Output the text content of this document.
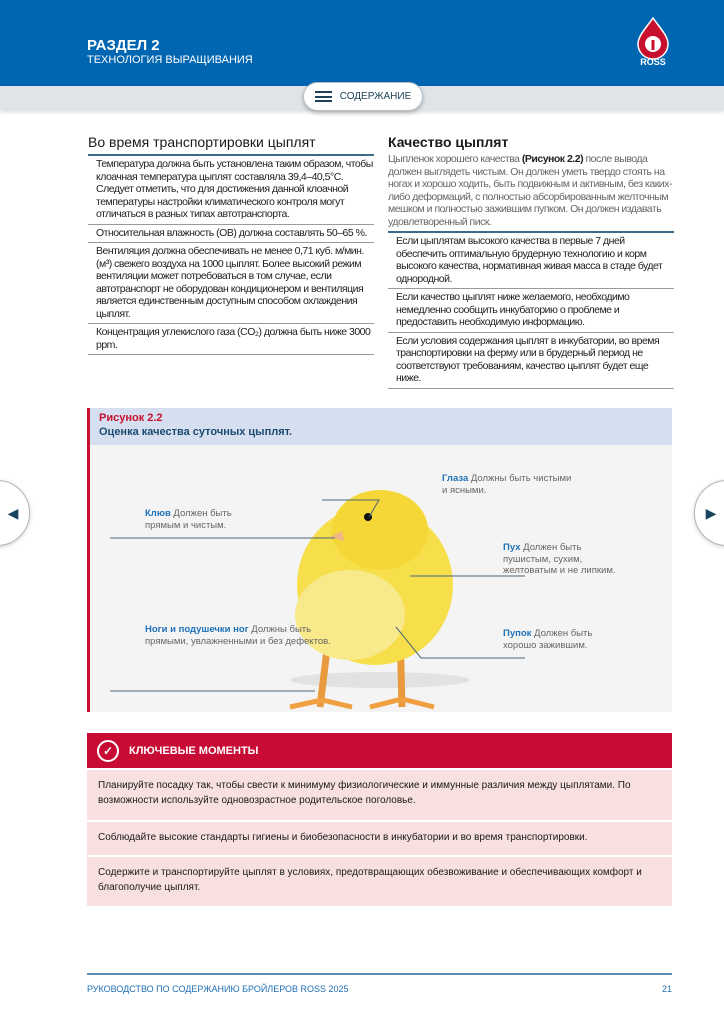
РАЗДЕЛ 2
ТЕХНОЛОГИЯ ВЫРАЩИВАНИЯ	ROSS
СОДЕРЖАНИЕ
◀	▶
Во время транспортировки цыплят
Температура должна быть установлена таким образом, чтобы клоачная температура цыплят составляла 39,4–40,5°C. Следует отметить, что для достижения данной клоачной температуры настройки климатического контроля могут отличаться в разных типах автотранспорта.
Относительная влажность (ОВ) должна составлять 50–65 %.
Вентиляция должна обеспечивать не менее 0,71 куб. м/мин. (м³) свежего воздуха на 1000 цыплят. Более высокий режим вентиляции может потребоваться в том случае, если автотранспорт не оборудован кондиционером и вентиляция является единственным доступным способом охлаждения цыплят.
Концентрация углекислого газа (CO₂) должна быть ниже 3000 ppm.
Качество цыплят
Цыпленок хорошего качества (Рисунок 2.2) после вывода должен выглядеть чистым. Он должен уметь твердо стоять на ногах и хорошо ходить, быть подвижным и активным, без каких-либо деформаций, с полностью абсорбированным желточным мешком и полностью зажившим пупком. Он должен издавать удовлетворенный писк.
Если цыплятам высокого качества в первые 7 дней обеспечить оптимальную брудерную технологию и корм высокого качества, нормативная живая масса в стаде будет однородной.
Если качество цыплят ниже желаемого, необходимо немедленно сообщить инкубаторию о проблеме и предоставить необходимую информацию.
Если условия содержания цыплят в инкубатории, во время транспортировки на ферму или в брудерный период не соответствуют требованиям, качество цыплят будет еще ниже.
Рисунок 2.2
Оценка качества суточных цыплят.
Глаза Должны быть чистыми и ясными.
Клюв Должен быть прямым и чистым.
Пух Должен быть пушистым, сухим, желтоватым и не липким.
Ноги и подушечки ног Должны быть прямыми, увлажненными и без дефектов.
Пупок Должен быть хорошо зажившим.
✓	КЛЮЧЕВЫЕ МОМЕНТЫ
Планируйте посадку так, чтобы свести к минимуму физиологические и иммунные различия между цыплятами. По возможности используйте одновозрастное родительское поголовье.
Соблюдайте высокие стандарты гигиены и биобезопасности в инкубатории и во время транспортировки.
Содержите и транспортируйте цыплят в условиях, предотвращающих обезвоживание и обеспечивающих комфорт и благополучие цыплят.
РУКОВОДСТВО ПО СОДЕРЖАНИЮ БРОЙЛЕРОВ ROSS 2025	21
